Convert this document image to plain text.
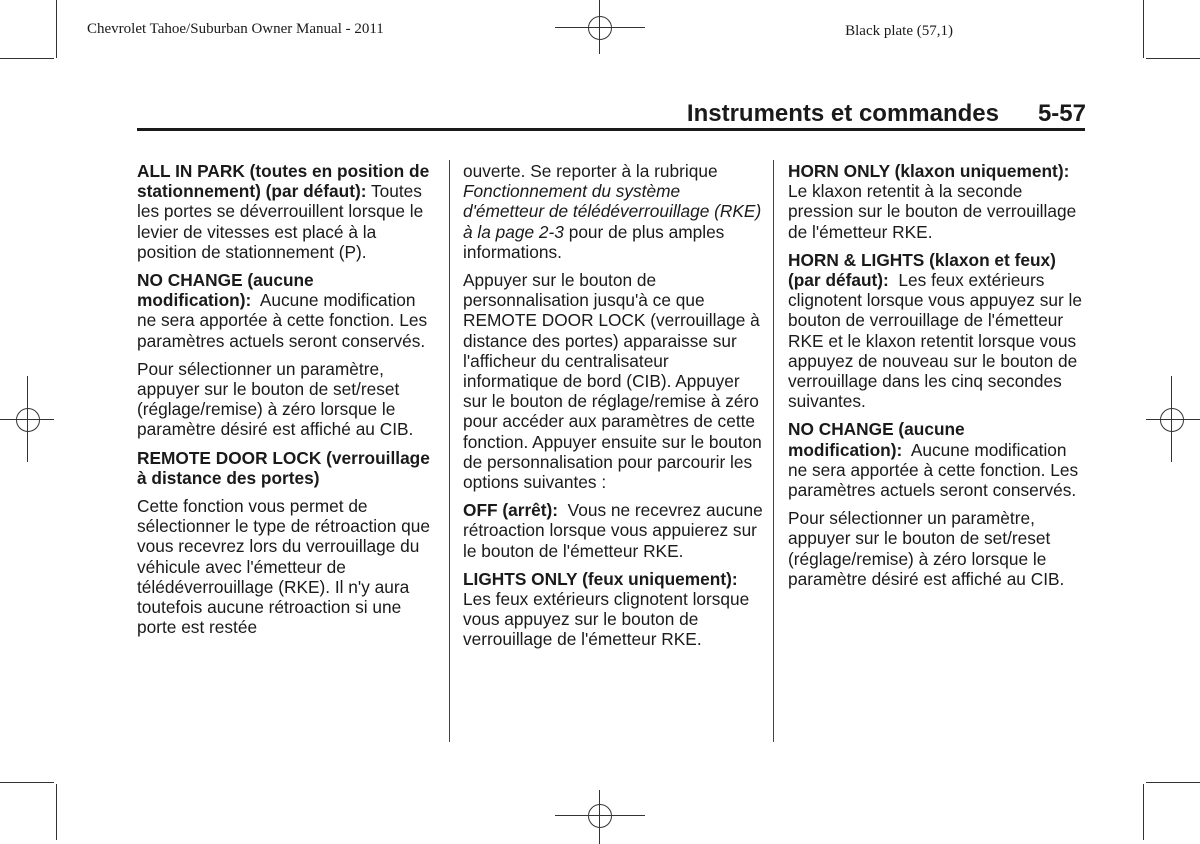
Chevrolet Tahoe/Suburban Owner Manual - 2011	Black plate (57,1)
Instruments et commandes 5-57

ALL IN PARK (toutes en position de stationnement) (par défaut): Toutes les portes se déverrouillent lorsque le levier de vitesses est placé à la position de stationnement (P).

NO CHANGE (aucune modification): Aucune modification ne sera apportée à cette fonction. Les paramètres actuels seront conservés.

Pour sélectionner un paramètre, appuyer sur le bouton de set/reset (réglage/remise) à zéro lorsque le paramètre désiré est affiché au CIB.

REMOTE DOOR LOCK (verrouillage à distance des portes)

Cette fonction vous permet de sélectionner le type de rétroaction que vous recevrez lors du verrouillage du véhicule avec l'émetteur de télédéverrouillage (RKE). Il n'y aura toutefois aucune rétroaction si une porte est restée

ouverte. Se reporter à la rubrique Fonctionnement du système d'émetteur de télédéverrouillage (RKE) à la page 2-3 pour de plus amples informations.

Appuyer sur le bouton de personnalisation jusqu'à ce que REMOTE DOOR LOCK (verrouillage à distance des portes) apparaisse sur l'afficheur du centralisateur informatique de bord (CIB). Appuyer sur le bouton de réglage/remise à zéro pour accéder aux paramètres de cette fonction. Appuyer ensuite sur le bouton de personnalisation pour parcourir les options suivantes :

OFF (arrêt): Vous ne recevrez aucune rétroaction lorsque vous appuierez sur le bouton de l'émetteur RKE.

LIGHTS ONLY (feux uniquement):  Les feux extérieurs clignotent lorsque vous appuyez sur le bouton de verrouillage de l'émetteur RKE.

HORN ONLY (klaxon uniquement):  Le klaxon retentit à la seconde pression sur le bouton de verrouillage de l'émetteur RKE.

HORN & LIGHTS (klaxon et feux) (par défaut): Les feux extérieurs clignotent lorsque vous appuyez sur le bouton de verrouillage de l'émetteur RKE et le klaxon retentit lorsque vous appuyez de nouveau sur le bouton de verrouillage dans les cinq secondes suivantes.

NO CHANGE (aucune modification): Aucune modification ne sera apportée à cette fonction. Les paramètres actuels seront conservés.

Pour sélectionner un paramètre, appuyer sur le bouton de set/reset (réglage/remise) à zéro lorsque le paramètre désiré est affiché au CIB.
